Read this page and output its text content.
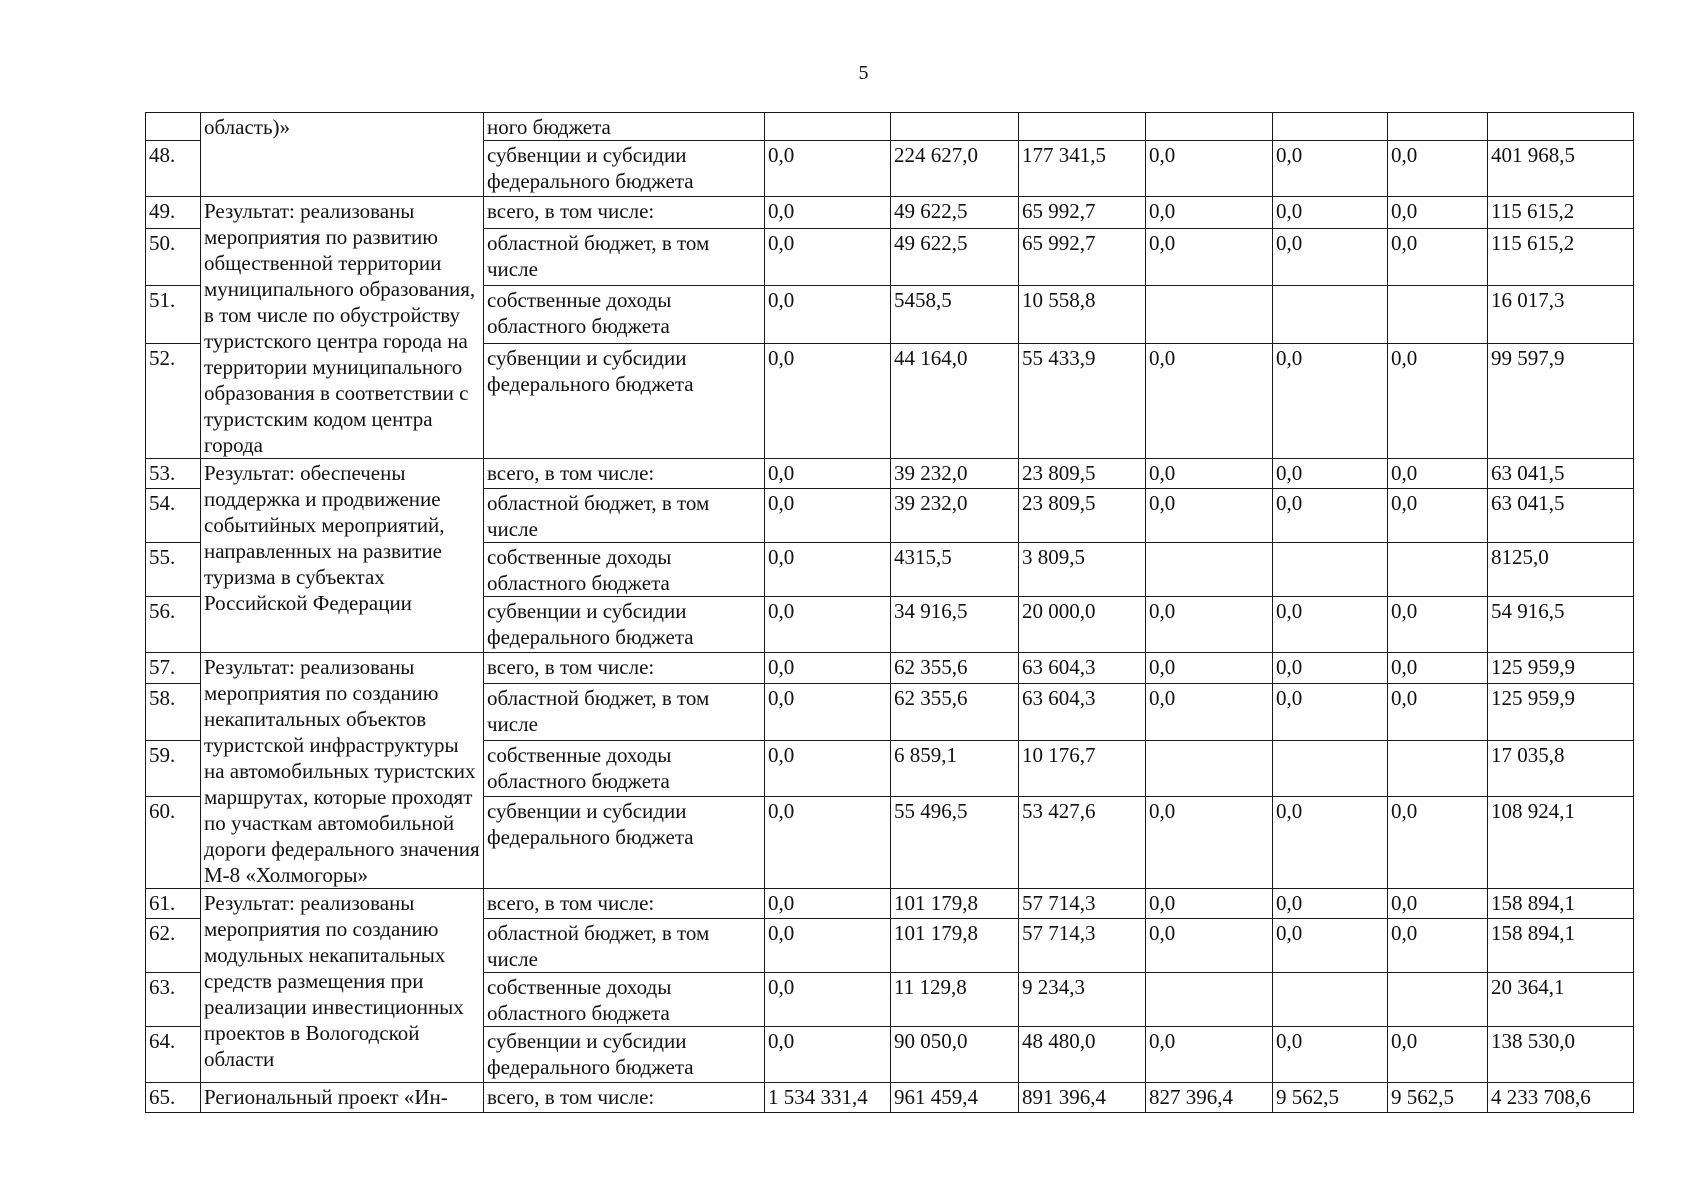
5
	область)»	ного бюджета							
48.		субвенции и субсидии федерального бюджета	0,0	224 627,0	177 341,5	0,0	0,0	0,0	401 968,5
49.	Результат: реализованы мероприятия по развитию общественной территории муниципального образования, в том числе по обустройству туристского центра города на территории муниципального образования в соответствии с туристским кодом центра города	всего, в том числе:	0,0	49 622,5	65 992,7	0,0	0,0	0,0	115 615,2
50.		областной бюджет, в том числе	0,0	49 622,5	65 992,7	0,0	0,0	0,0	115 615,2
51.		собственные доходы областного бюджета	0,0	5458,5	10 558,8				16 017,3
52.		субвенции и субсидии федерального бюджета	0,0	44 164,0	55 433,9	0,0	0,0	0,0	99 597,9
53.	Результат: обеспечены поддержка и продвижение событийных мероприятий, направленных на развитие туризма в субъектах Российской Федерации	всего, в том числе:	0,0	39 232,0	23 809,5	0,0	0,0	0,0	63 041,5
54.		областной бюджет, в том числе	0,0	39 232,0	23 809,5	0,0	0,0	0,0	63 041,5
55.		собственные доходы областного бюджета	0,0	4315,5	3 809,5				8125,0
56.		субвенции и субсидии федерального бюджета	0,0	34 916,5	20 000,0	0,0	0,0	0,0	54 916,5
57.	Результат: реализованы мероприятия по созданию некапитальных объектов туристской инфраструктуры на автомобильных туристских маршрутах, которые проходят по участкам автомобильной дороги федерального значения М-8 «Холмогоры»	всего, в том числе:	0,0	62 355,6	63 604,3	0,0	0,0	0,0	125 959,9
58.		областной бюджет, в том числе	0,0	62 355,6	63 604,3	0,0	0,0	0,0	125 959,9
59.		собственные доходы областного бюджета	0,0	6 859,1	10 176,7				17 035,8
60.		субвенции и субсидии федерального бюджета	0,0	55 496,5	53 427,6	0,0	0,0	0,0	108 924,1
61.	Результат: реализованы мероприятия по созданию модульных некапитальных средств размещения при реализации инвестиционных проектов в Вологодской области	всего, в том числе:	0,0	101 179,8	57 714,3	0,0	0,0	0,0	158 894,1
62.		областной бюджет, в том числе	0,0	101 179,8	57 714,3	0,0	0,0	0,0	158 894,1
63.		собственные доходы областного бюджета	0,0	11 129,8	9 234,3				20 364,1
64.		субвенции и субсидии федерального бюджета	0,0	90 050,0	48 480,0	0,0	0,0	0,0	138 530,0
65.	Региональный проект «Ин-	всего, в том числе:	1 534 331,4	961 459,4	891 396,4	827 396,4	9 562,5	9 562,5	4 233 708,6
